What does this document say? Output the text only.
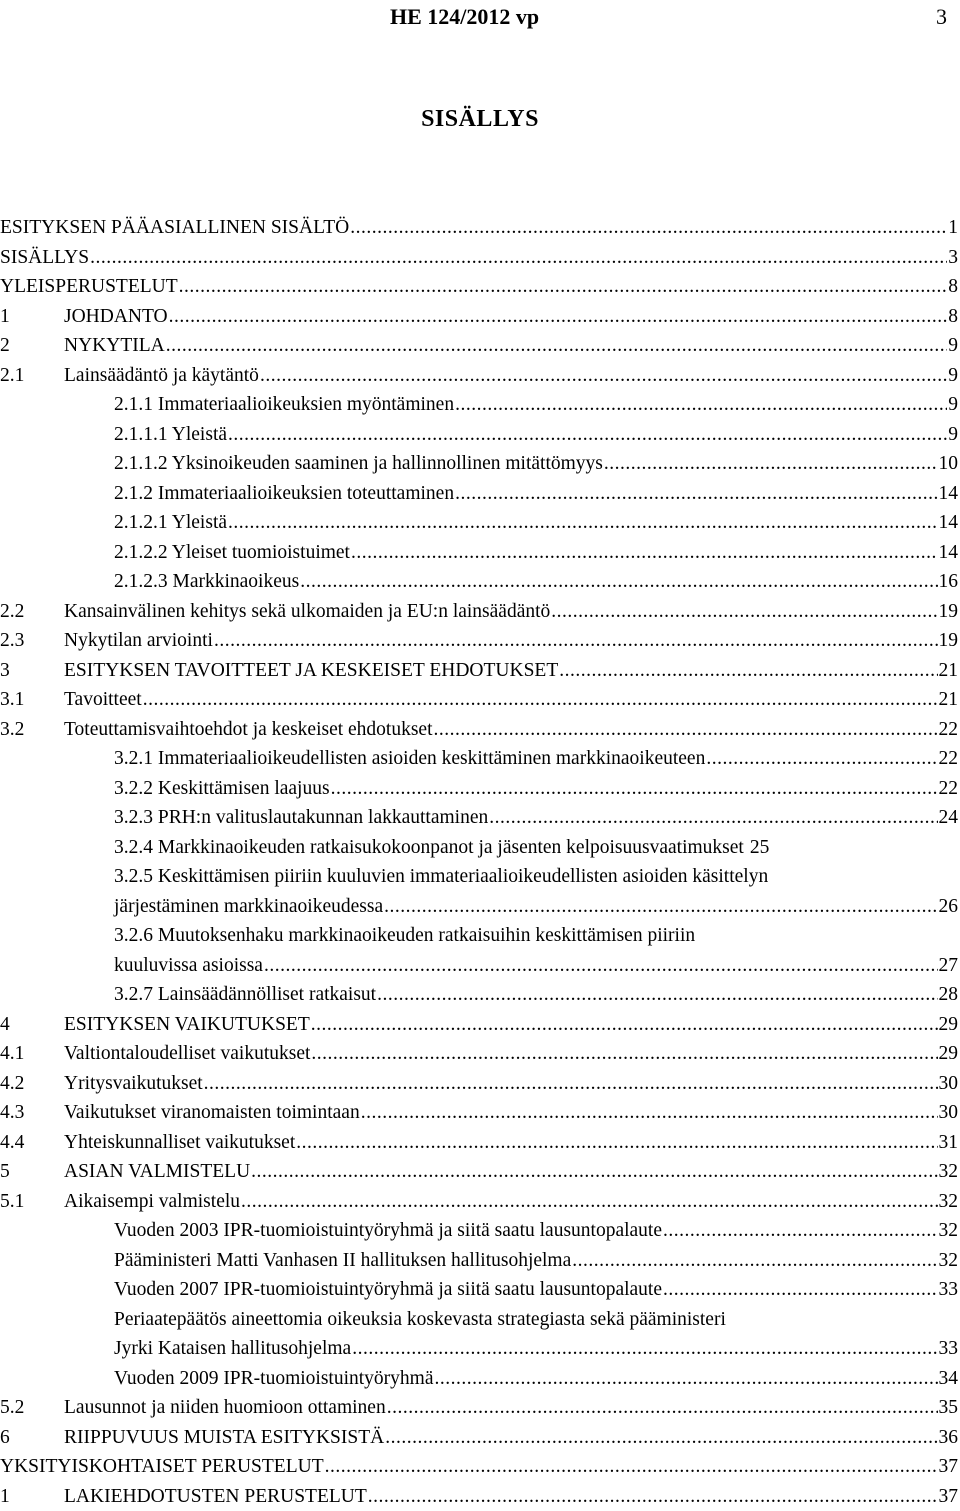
HE 124/2012 vp	3
SISÄLLYS
ESITYKSEN PÄÄASIALLINEN SISÄLTÖ .....	1
SISÄLLYS .....	3
YLEISPERUSTELUT .....	8
1	JOHDANTO .....	8
2	NYKYTILA .....	9
2.1 Lainsäädäntö ja käytäntö .....	9
2.1.1 Immateriaalioikeuksien myöntäminen .....	9
2.1.1.1 Yleistä .....	9
2.1.1.2 Yksinoikeuden saaminen ja hallinnollinen mitättömyys .....	10
2.1.2 Immateriaalioikeuksien toteuttaminen .....	14
2.1.2.1 Yleistä .....	14
2.1.2.2 Yleiset tuomioistuimet .....	14
2.1.2.3 Markkinaoikeus .....	16
2.2 Kansainvälinen kehitys sekä ulkomaiden ja EU:n lainsäädäntö .....	19
2.3 Nykytilan arviointi .....	19
3	ESITYKSEN TAVOITTEET JA KESKEISET EHDOTUKSET .....	21
3.1 Tavoitteet .....	21
3.2 Toteuttamisvaihtoehdot ja keskeiset ehdotukset .....	22
3.2.1 Immateriaalioikeudellisten asioiden keskittäminen markkinaoikeuteen .....	22
3.2.2 Keskittämisen laajuus .....	22
3.2.3 PRH:n valituslautakunnan lakkauttaminen .....	24
3.2.4 Markkinaoikeuden ratkaisukokoonpanot ja jäsenten kelpoisuusvaatimukset 25
3.2.5 Keskittämisen piiriin kuuluvien immateriaalioikeudellisten asioiden käsittelyn
järjestäminen markkinaoikeudessa .....	26
3.2.6 Muutoksenhaku markkinaoikeuden ratkaisuihin keskittämisen piiriin
kuuluvissa asioissa .....	27
3.2.7 Lainsäädännölliset ratkaisut .....	28
4	ESITYKSEN VAIKUTUKSET .....	29
4.1 Valtiontaloudelliset vaikutukset .....	29
4.2 Yritysvaikutukset .....	30
4.3 Vaikutukset viranomaisten toimintaan .....	30
4.4 Yhteiskunnalliset vaikutukset .....	31
5	ASIAN VALMISTELU .....	32
5.1 Aikaisempi valmistelu .....	32
Vuoden 2003 IPR-tuomioistuintyöryhmä ja siitä saatu lausuntopalaute .....	32
Pääministeri Matti Vanhasen II hallituksen hallitusohjelma .....	32
Vuoden 2007 IPR-tuomioistuintyöryhmä ja siitä saatu lausuntopalaute .....	33
Periaatepäätös aineettomia oikeuksia koskevasta strategiasta sekä pääministeri
Jyrki Kataisen hallitusohjelma .....	33
Vuoden 2009 IPR-tuomioistuintyöryhmä .....	34
5.2 Lausunnot ja niiden huomioon ottaminen .....	35
6	RIIPPUVUUS MUISTA ESITYKSISTÄ .....	36
YKSITYISKOHTAISET PERUSTELUT .....	37
1	LAKIEHDOTUSTEN PERUSTELUT .....	37
